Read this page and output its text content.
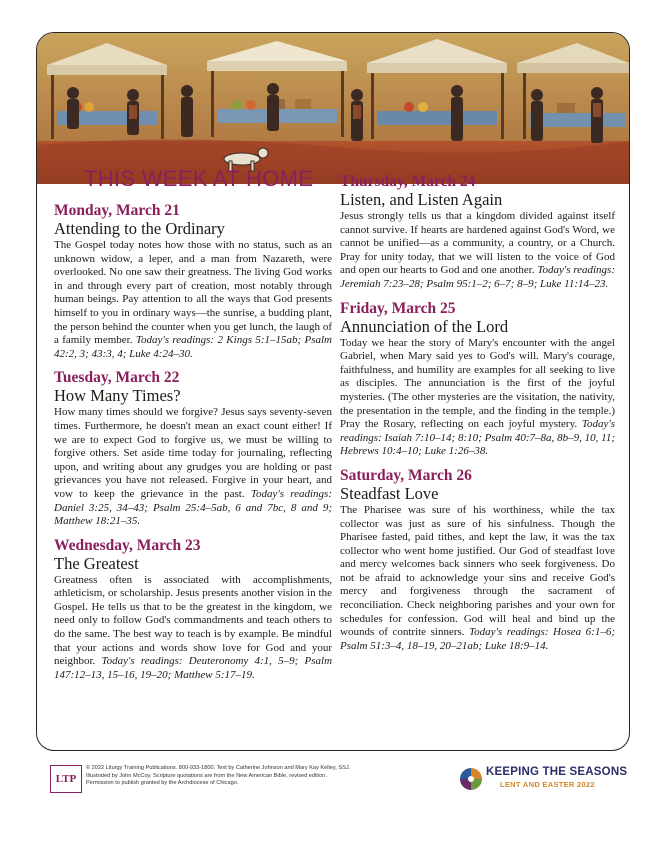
THIS WEEK AT HOME
Monday, March 21
Attending to the Ordinary
The Gospel today notes how those with no status, such as an unknown widow, a leper, and a man from Nazareth, were overlooked. No one saw their greatness. The living God works in and through every part of creation, most notably through human beings. Pay attention to all the ways that God presents himself to you in ordinary ways—the sunrise, a budding plant, the person behind the counter when you get lunch, the laugh of a family member. Today's readings: 2 Kings 5:1–15ab; Psalm 42:2, 3; 43:3, 4; Luke 4:24–30.
Tuesday, March 22
How Many Times?
How many times should we forgive? Jesus says seventy-seven times. Furthermore, he doesn't mean an exact count either! If we are to expect God to forgive us, we must be willing to forgive others. Set aside time today for journaling, reflecting upon, and writing about any grudges you are holding or past grievances you have not released. Forgive in your heart, and vow to keep the grievance in the past. Today's readings: Daniel 3:25, 34–43; Psalm 25:4–5ab, 6 and 7bc, 8 and 9; Matthew 18:21–35.
Wednesday, March 23
The Greatest
Greatness often is associated with accomplishments, athleticism, or scholarship. Jesus presents another vision in the Gospel. He tells us that to be the greatest in the kingdom, we need only to follow God's commandments and teach others to do the same. The best way to teach is by example. Be mindful that your actions and words show love for God and your neighbor. Today's readings: Deuteronomy 4:1, 5–9; Psalm 147:12–13, 15–16, 19–20; Matthew 5:17–19.
Thursday, March 24
Listen, and Listen Again
Jesus strongly tells us that a kingdom divided against itself cannot survive. If hearts are hardened against God's Word, we cannot be unified—as a community, a country, or a Church. Pray for unity today, that we will listen to the voice of God and open our hearts to God and one another. Today's readings: Jeremiah 7:23–28; Psalm 95:1–2; 6–7; 8–9; Luke 11:14–23.
Friday, March 25
Annunciation of the Lord
Today we hear the story of Mary's encounter with the angel Gabriel, when Mary said yes to God's will. Mary's courage, faithfulness, and humility are examples for all seeking to live as disciples. The annunciation is the first of the joyful mysteries. (The other mysteries are the visitation, the nativity, the presentation in the temple, and the finding in the temple.) Pray the Rosary, reflecting on each joyful mystery. Today's readings: Isaiah 7:10–14; 8:10; Psalm 40:7–8a, 8b–9, 10, 11; Hebrews 10:4–10; Luke 1:26–38.
Saturday, March 26
Steadfast Love
The Pharisee was sure of his worthiness, while the tax collector was just as sure of his sinfulness. Though the Pharisee fasted, paid tithes, and kept the law, it was the tax collector who went home justified. Our God of steadfast love and mercy welcomes back sinners who seek forgiveness. Do not be afraid to acknowledge your sins and receive God's mercy and forgiveness through the sacrament of reconciliation. Check neighboring parishes and your own for schedules for confession. God will heal and bind up the wounds of contrite sinners. Today's readings: Hosea 6:1–6; Psalm 51:3–4, 18–19, 20–21ab; Luke 18:9–14.
LTP
© 2022 Liturgy Training Publications. 800-933-1800. Text by Catherine Johnson and Mary Kay Kelley, SSJ.
Illustrated by John McCoy. Scripture quotations are from the New American Bible, revised edition.
Permission to publish granted by the Archdiocese of Chicago.
KEEPING THE SEASONS
LENT AND EASTER 2022
